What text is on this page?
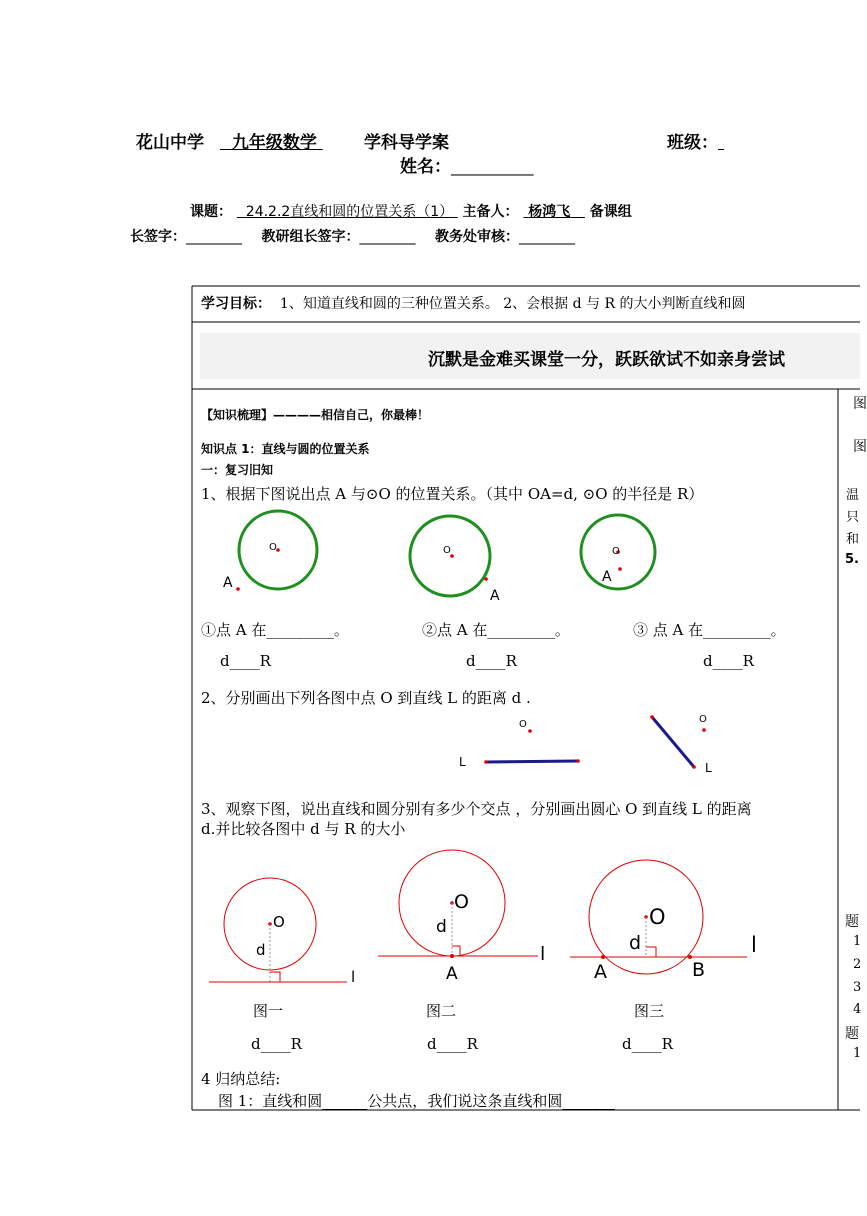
花山中学	九年级数学	学科导学案	班级：
姓名：___________
课题： 24.2.2直线和圆的位置关系（1） 主备人： 杨鸿飞 备课组
长签字：________ 教研组长签字：________ 教务处审核：________
学习目标： 1、知道直线和圆的三种位置关系。 2、会根据 d 与 R 的大小判断直线和圆
沉默是金难买课堂一分，跃跃欲试不如亲身尝试
【知识梳理】————相信自己，你最棒！
知识点 1：直线与圆的位置关系
一：复习旧知
1、根据下图说出点 A 与⊙O 的位置关系。（其中 OA=d, ⊙O 的半径是 R）
①点 A 在_________。	②点 A 在_________。	③ 点 A 在_________。
d____R	d____R	d____R
2、分别画出下列各图中点 O 到直线 L 的距离 d .
3、观察下图，说出直线和圆分别有多少个交点 ，分别画出圆心 O 到直线 L 的距离
d.并比较各图中 d 与 R 的大小
图一	图二	图三
d____R	d____R	d____R
4 归纳总结:
图 1：直线和圆______公共点，我们说这条直线和圆_______
图
图
温
只
和
5.
题
1
2
3
4
题
1
O
A
O
A
O
A
O
L
O
L
O
d
l
O
d
A
l
O
d
A	B
l
